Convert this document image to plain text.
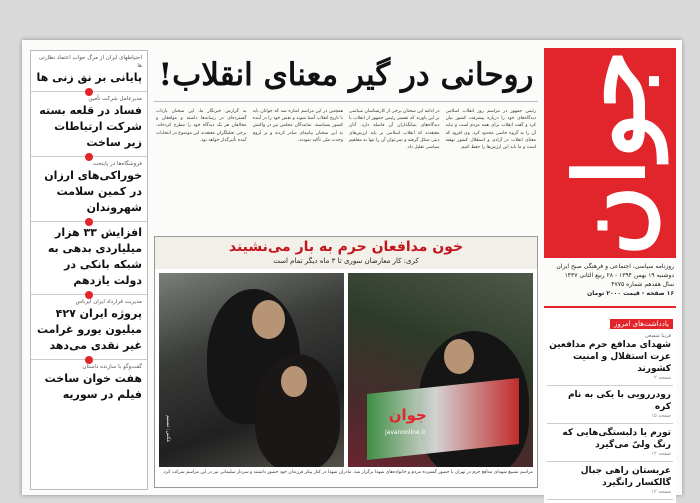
جوان
روزنامه سیاسی، اجتماعی و فرهنگی صبح ایران
دوشنبه ۱۹ بهمن ۱۳۹۴ - ۲۸ ربیع الثانی ۱۴۳۷
سال هفدهم شماره ۴۷۷۵
۱۶ صفحه - قیمت ۲۰۰۰ تومان
یادداشت‌های امروز
فریبا شفیعی
شهدای مدافع حرم مدافعین عزت استقلال و امنیت کشورند
صفحه ۲
رودررویی با یکی به نام کره
صفحه ۱۵
تورم یا دلبستگی‌هایی که رنگ ولیّ می‌گیرد
صفحه ۱۲
عربستان راهی جبال گالکسار رانگیرد
صفحه ۱۲
روحانی در گیر معنای انقلاب!
رئیس جمهور در مراسم روز انقلاب اسلامی دیدگاه‌های خود را درباره پیشرفت کشور بیان کرد و گفت انقلاب برای همه مردم است و نباید آن را به گروه خاصی محدود کرد. وی افزود که معنای انقلاب در آزادی و استقلال کشور نهفته است و ما باید این ارزش‌ها را حفظ کنیم.
در ادامه این سخنان برخی از کارشناسان سیاسی بر این باورند که تفسیر رئیس جمهور از انقلاب با دیدگاه‌های بنیانگذاران آن فاصله دارد. آنان معتقدند که انقلاب اسلامی بر پایه ارزش‌های دینی شکل گرفته و نمی‌توان آن را تنها به مفاهیم سیاسی تقلیل داد.
همچنین در این مراسم اشاره شد که جوانان باید با تاریخ انقلاب آشنا شوند و نقش خود را در آینده کشور بشناسند. نمایندگان مجلس نیز در واکنش به این سخنان بیانیه‌ای صادر کردند و بر لزوم وحدت ملی تأکید نمودند.
به گزارش خبرنگار ما، این سخنان بازتاب گسترده‌ای در رسانه‌ها داشته و موافقان و مخالفان هر یک دیدگاه خود را مطرح کرده‌اند. برخی تحلیلگران معتقدند این موضوع در انتخابات آینده تأثیرگذار خواهد بود.
خون مدافعان حرم به بار می‌نشیند
کری: کار معارضان سوری تا ۳ ماه دیگر تمام است
جوان
javanonline.ir
عکس: تسنیم
مراسم تشییع شهدای مدافع حرم در تهران با حضور گسترده مردم و خانواده‌های شهدا برگزار شد. مادران شهدا در کنار پیکر فرزندان خود حضور داشتند و سردار سلیمانی نیز در این مراسم شرکت کرد.
احتیاطهای ایران از مرگ جواب اعتماد نظارتی ها
پایانی بر نق زنی ها
مدیرعامل شرکت تأمین
فساد در قلعه بسته شرکت ارتباطات زیر ساخت
فروشگاه‌ها در پایتخت
خوراکی‌های ارزان در کمین سلامت شهروندان
افزایش ۳۳ هزار میلیاردی بدهی به شبکه بانکی در دولت یازدهم
مدیریت قرارداد ایران ایرباس
پروژه ایران ۴۲۷ میلیون یورو غرامت غیر نقدی می‌دهد
گفت‌وگو با سازنده داستان
هفت خوان ساخت فیلم در سوریه
